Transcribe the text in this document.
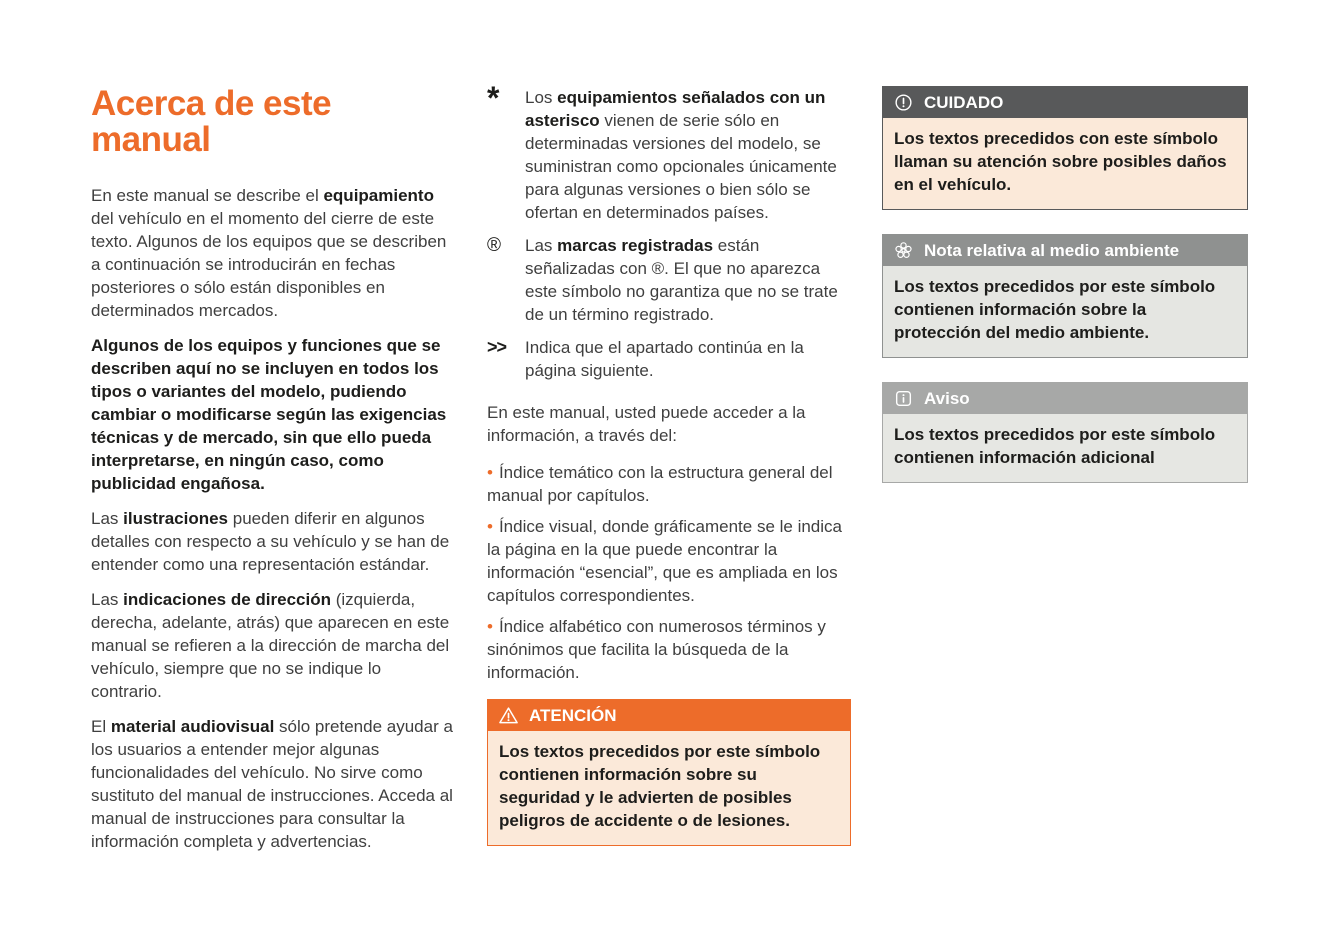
Acerca de este manual

En este manual se describe el equipamiento del vehículo en el momento del cierre de este texto. Algunos de los equipos que se describen a continuación se introducirán en fechas posteriores o sólo están disponibles en determinados mercados.

Algunos de los equipos y funciones que se describen aquí no se incluyen en todos los tipos o variantes del modelo, pudiendo cambiar o modificarse según las exigencias técnicas y de mercado, sin que ello pueda interpretarse, en ningún caso, como publicidad engañosa.

Las ilustraciones pueden diferir en algunos detalles con respecto a su vehículo y se han de entender como una representación estándar.

Las indicaciones de dirección (izquierda, derecha, adelante, atrás) que aparecen en este manual se refieren a la dirección de marcha del vehículo, siempre que no se indique lo contrario.

El material audiovisual sólo pretende ayudar a los usuarios a entender mejor algunas funcionalidades del vehículo. No sirve como sustituto del manual de instrucciones. Acceda al manual de instrucciones para consultar la información completa y advertencias.

*	Los equipamientos señalados con un asterisco vienen de serie sólo en determinadas versiones del modelo, se suministran como opcionales únicamente para algunas versiones o bien sólo se ofertan en determinados países.

®	Las marcas registradas están señalizadas con ®. El que no aparezca este símbolo no garantiza que no se trate de un término registrado.

>>	Indica que el apartado continúa en la página siguiente.

En este manual, usted puede acceder a la información, a través del:

• Índice temático con la estructura general del manual por capítulos.
• Índice visual, donde gráficamente se le indica la página en la que puede encontrar la información “esencial”, que es ampliada en los capítulos correspondientes.
• Índice alfabético con numerosos términos y sinónimos que facilita la búsqueda de la información.
ATENCIÓN
Los textos precedidos por este símbolo contienen información sobre su seguridad y le advierten de posibles peligros de accidente o de lesiones.
CUIDADO
Los textos precedidos con este símbolo llaman su atención sobre posibles daños en el vehículo.
Nota relativa al medio ambiente
Los textos precedidos por este símbolo contienen información sobre la protección del medio ambiente.
Aviso
Los textos precedidos por este símbolo contienen información adicional
